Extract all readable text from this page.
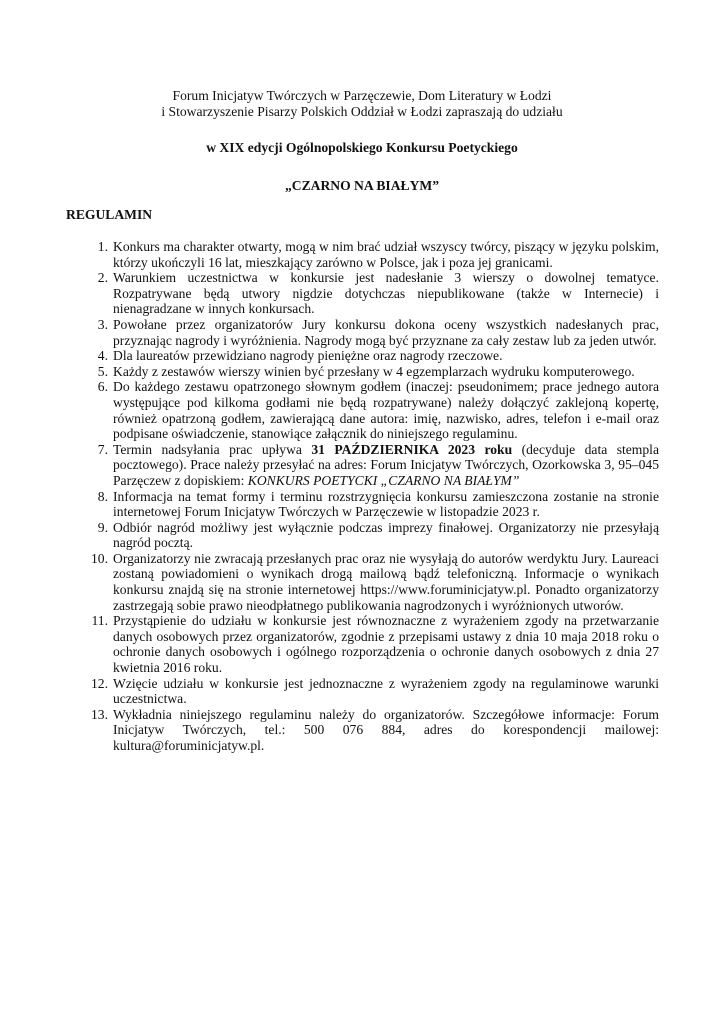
Forum Inicjatyw Twórczych w Parzęczewie, Dom Literatury w Łodzi
i Stowarzyszenie Pisarzy Polskich Oddział w Łodzi zapraszają do udziału
w XIX edycji Ogólnopolskiego Konkursu Poetyckiego
„CZARNO NA BIAŁYM”
REGULAMIN
1. Konkurs ma charakter otwarty, mogą w nim brać udział wszyscy twórcy, piszący w języku polskim, którzy ukończyli 16 lat, mieszkający zarówno w Polsce, jak i poza jej granicami.
2. Warunkiem uczestnictwa w konkursie jest nadesłanie 3 wierszy o dowolnej tematyce. Rozpatrywane będą utwory nigdzie dotychczas niepublikowane (także w Internecie) i nienagradzane w innych konkursach.
3. Powołane przez organizatorów Jury konkursu dokona oceny wszystkich nadesłanych prac, przyznając nagrody i wyróżnienia. Nagrody mogą być przyznane za cały zestaw lub za jeden utwór.
4. Dla laureatów przewidziano nagrody pieniężne oraz nagrody rzeczowe.
5. Każdy z zestawów wierszy winien być przesłany w 4 egzemplarzach wydruku komputerowego.
6. Do każdego zestawu opatrzonego słownym godłem (inaczej: pseudonimem; prace jednego autora występujące pod kilkoma godłami nie będą rozpatrywane) należy dołączyć zaklejoną kopertę, również opatrzoną godłem, zawierającą dane autora: imię, nazwisko, adres, telefon i e-mail oraz podpisane oświadczenie, stanowiące załącznik do niniejszego regulaminu.
7. Termin nadsyłania prac upływa 31 PAŹDZIERNIKA 2023 roku (decyduje data stempla pocztowego). Prace należy przesyłać na adres: Forum Inicjatyw Twórczych, Ozorkowska 3, 95–045 Parzęczew z dopiskiem: KONKURS POETYCKI „CZARNO NA BIAŁYM”
8. Informacja na temat formy i terminu rozstrzygnięcia konkursu zamieszczona zostanie na stronie internetowej Forum Inicjatyw Twórczych w Parzęczewie w listopadzie 2023 r.
9. Odbiór nagród możliwy jest wyłącznie podczas imprezy finałowej. Organizatorzy nie przesyłają nagród pocztą.
10. Organizatorzy nie zwracają przesłanych prac oraz nie wysyłają do autorów werdyktu Jury. Laureaci zostaną powiadomieni o wynikach drogą mailową bądź telefoniczną. Informacje o wynikach konkursu znajdą się na stronie internetowej https://www.foruminicjatyw.pl. Ponadto organizatorzy zastrzegają sobie prawo nieodpłatnego publikowania nagrodzonych i wyróżnionych utworów.
11. Przystąpienie do udziału w konkursie jest równoznaczne z wyrażeniem zgody na przetwarzanie danych osobowych przez organizatorów, zgodnie z przepisami ustawy z dnia 10 maja 2018 roku o ochronie danych osobowych i ogólnego rozporządzenia o ochronie danych osobowych z dnia 27 kwietnia 2016 roku.
12. Wzięcie udziału w konkursie jest jednoznaczne z wyrażeniem zgody na regulaminowe warunki uczestnictwa.
13. Wykładnia niniejszego regulaminu należy do organizatorów. Szczegółowe informacje: Forum Inicjatyw Twórczych, tel.: 500 076 884, adres do korespondencji mailowej: kultura@foruminicjatyw.pl.
